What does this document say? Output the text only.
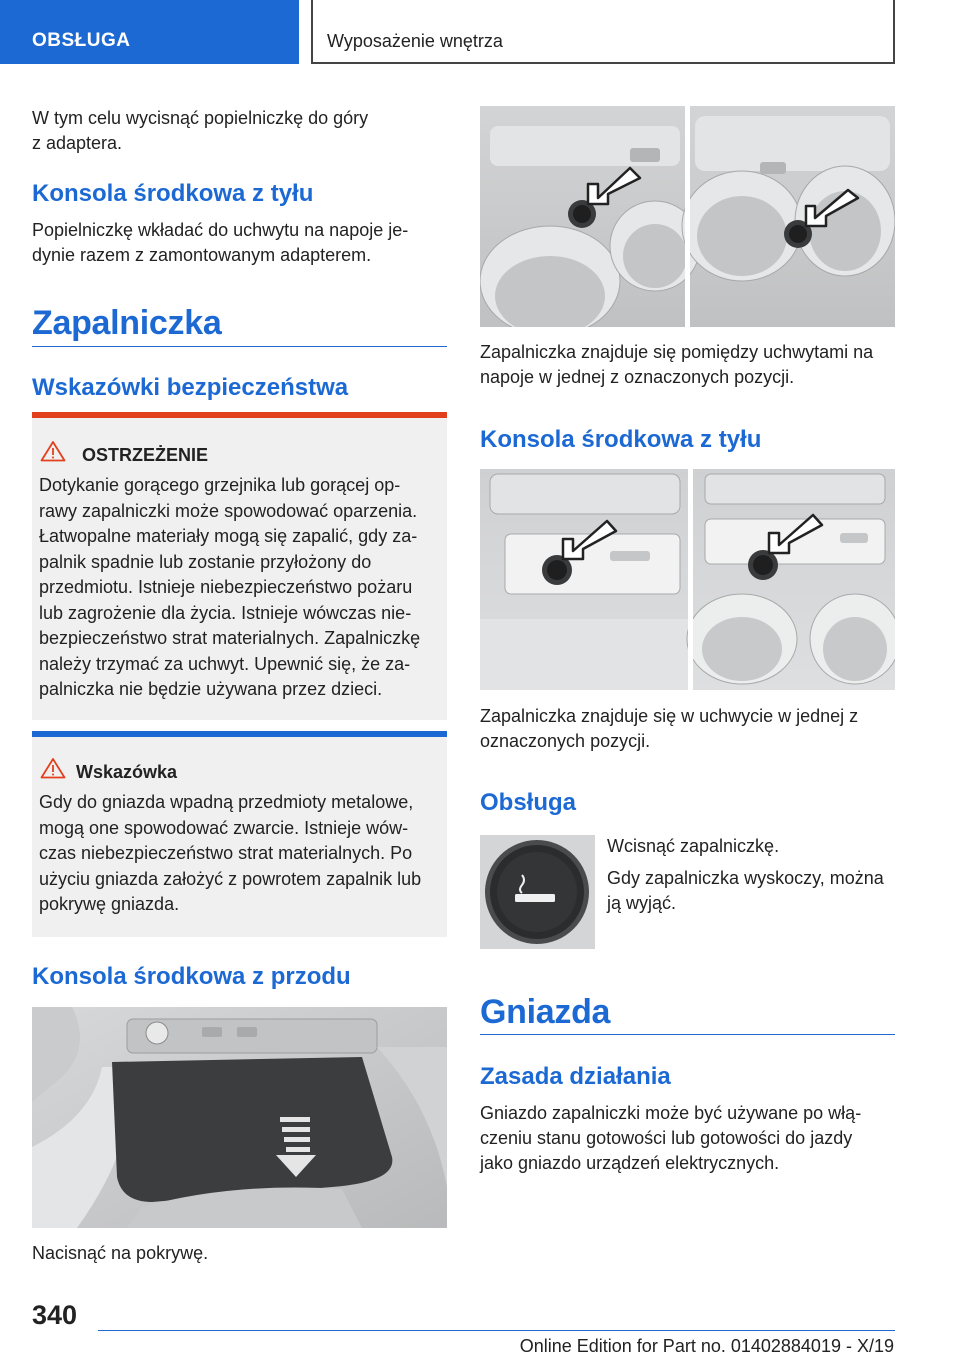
OBSŁUGA	Wyposażenie wnętrza
W tym celu wycisnąć popielniczkę do góry
z adaptera.
Konsola środkowa z tyłu
Popielniczkę wkładać do uchwytu na napoje je‐
dynie razem z zamontowanym adapterem.
Zapalniczka
Wskazówki bezpieczeństwa
OSTRZEŻENIE
Dotykanie gorącego grzejnika lub gorącej op‐
rawy zapalniczki może spowodować oparzenia.
Łatwopalne materiały mogą się zapalić, gdy za‐
palnik spadnie lub zostanie przyłożony do
przedmiotu. Istnieje niebezpieczeństwo pożaru
lub zagrożenie dla życia. Istnieje wówczas nie‐
bezpieczeństwo strat materialnych. Zapalniczkę
należy trzymać za uchwyt. Upewnić się, że za‐
palniczka nie będzie używana przez dzieci.
Wskazówka
Gdy do gniazda wpadną przedmioty metalowe,
mogą one spowodować zwarcie. Istnieje wów‐
czas niebezpieczeństwo strat materialnych. Po
użyciu gniazda założyć z powrotem zapalnik lub
pokrywę gniazda.
Konsola środkowa z przodu
Nacisnąć na pokrywę.
Zapalniczka znajduje się pomiędzy uchwytami na
napoje w jednej z oznaczonych pozycji.
Konsola środkowa z tyłu
Zapalniczka znajduje się w uchwycie w jednej z
oznaczonych pozycji.
Obsługa
Wcisnąć zapalniczkę.
Gdy zapalniczka wyskoczy, można
ją wyjąć.
Gniazda
Zasada działania
Gniazdo zapalniczki może być używane po włą‐
czeniu stanu gotowości lub gotowości do jazdy
jako gniazdo urządzeń elektrycznych.
340
Online Edition for Part no. 01402884019 - X/19
